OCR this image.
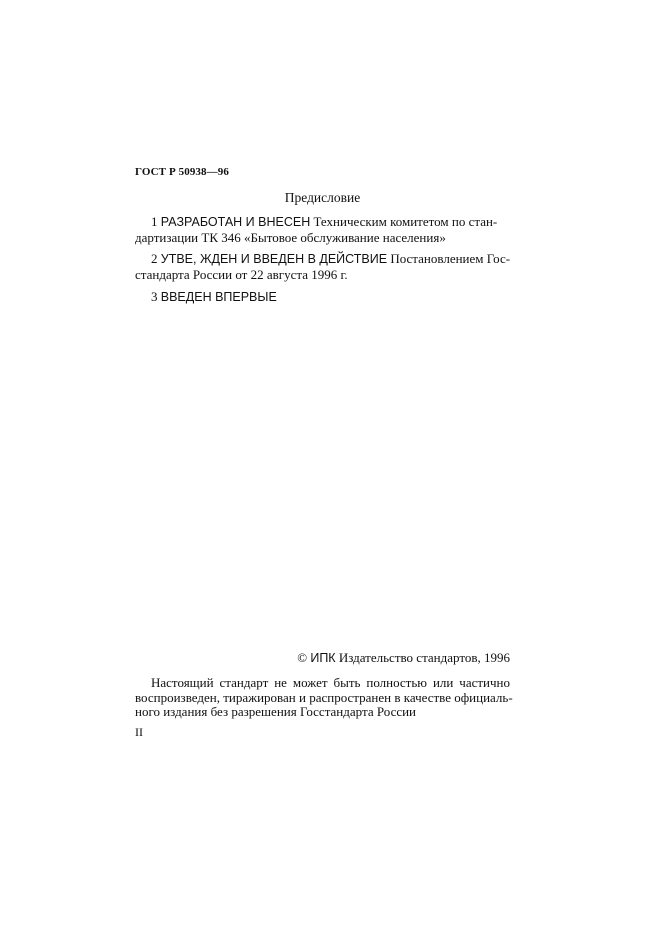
ГОСТ Р 50938—96
Предисловие
1 РАЗРАБОТАН И ВНЕСЕН Техническим комитетом по стан-
дартизации ТК 346 «Бытовое обслуживание населения»
2 УТВЕ, ЖДЕН И ВВЕДЕН В ДЕЙСТВИЕ Постановлением Гос-
стандарта России от 22 августа 1996 г.
3 ВВЕДЕН ВПЕРВЫЕ
© ИПК Издательство стандартов, 1996
Настоящий стандарт не может быть полностью или частично
воспроизведен, тиражирован и распространен в качестве официаль-
ного издания без разрешения Госстандарта России
II
